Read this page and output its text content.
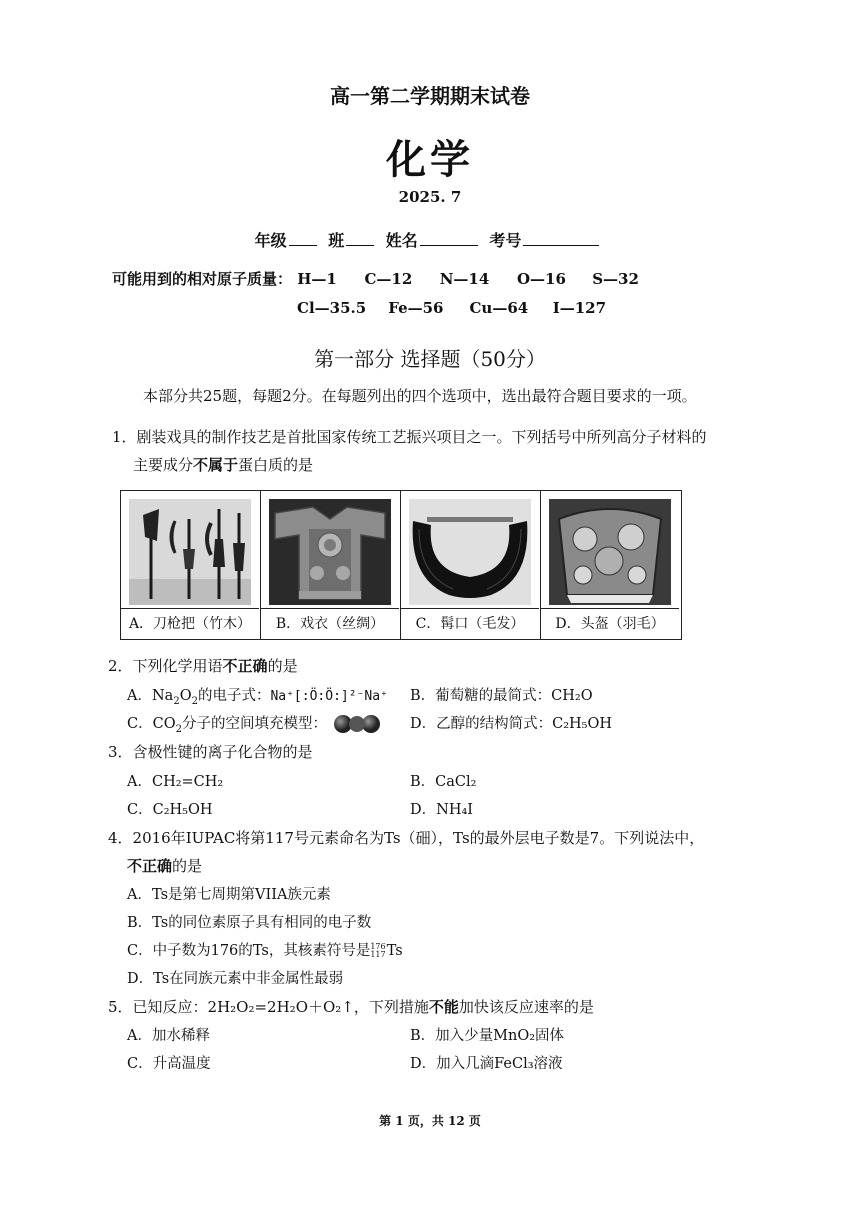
高一第二学期期末试卷
化学
2025. 7
年级	班	姓名	考号
可能用到的相对原子质量： H—1 C—12 N—14 O—16 S—32
Cl—35.5 Fe—56 Cu—64 I—127
第一部分 选择题（50分）
本部分共25题，每题2分。在每题列出的四个选项中，选出最符合题目要求的一项。
1．剧装戏具的制作技艺是首批国家传统工艺振兴项目之一。下列括号中所列高分子材料的
主要成分不属于蛋白质的是
A．刀枪把（竹木）	B．戏衣（丝绸）	C．髯口（毛发）	D．头盔（羽毛）
2．下列化学用语不正确的是
A．$Na_2O_2$的电子式：Na⁺[:Ö:Ö:]²⁻Na⁺ B．葡萄糖的最简式：CH₂O
C．$CO_2$分子的空间填充模型：	D．乙醇的结构简式：C₂H₅OH
3．含极性键的离子化合物的是
A．CH₂=CH₂	B．CaCl₂
C．C₂H₅OH	D．NH₄I
4．2016年IUPAC将第117号元素命名为Ts（鿬），Ts的最外层电子数是7。下列说法中，
不正确的是
A．Ts是第七周期第VIIA族元素
B．Ts的同位素原子具有相同的电子数
C．中子数为176的Ts，其核素符号是 176
117 Ts
D．Ts在同族元素中非金属性最弱
5．已知反应：2H₂O₂=2H₂O＋O₂↑，下列措施不能加快该反应速率的是
A．加水稀释	B．加入少量MnO₂固体
C．升高温度	D．加入几滴FeCl₃溶液
第 1 页，共 12 页
